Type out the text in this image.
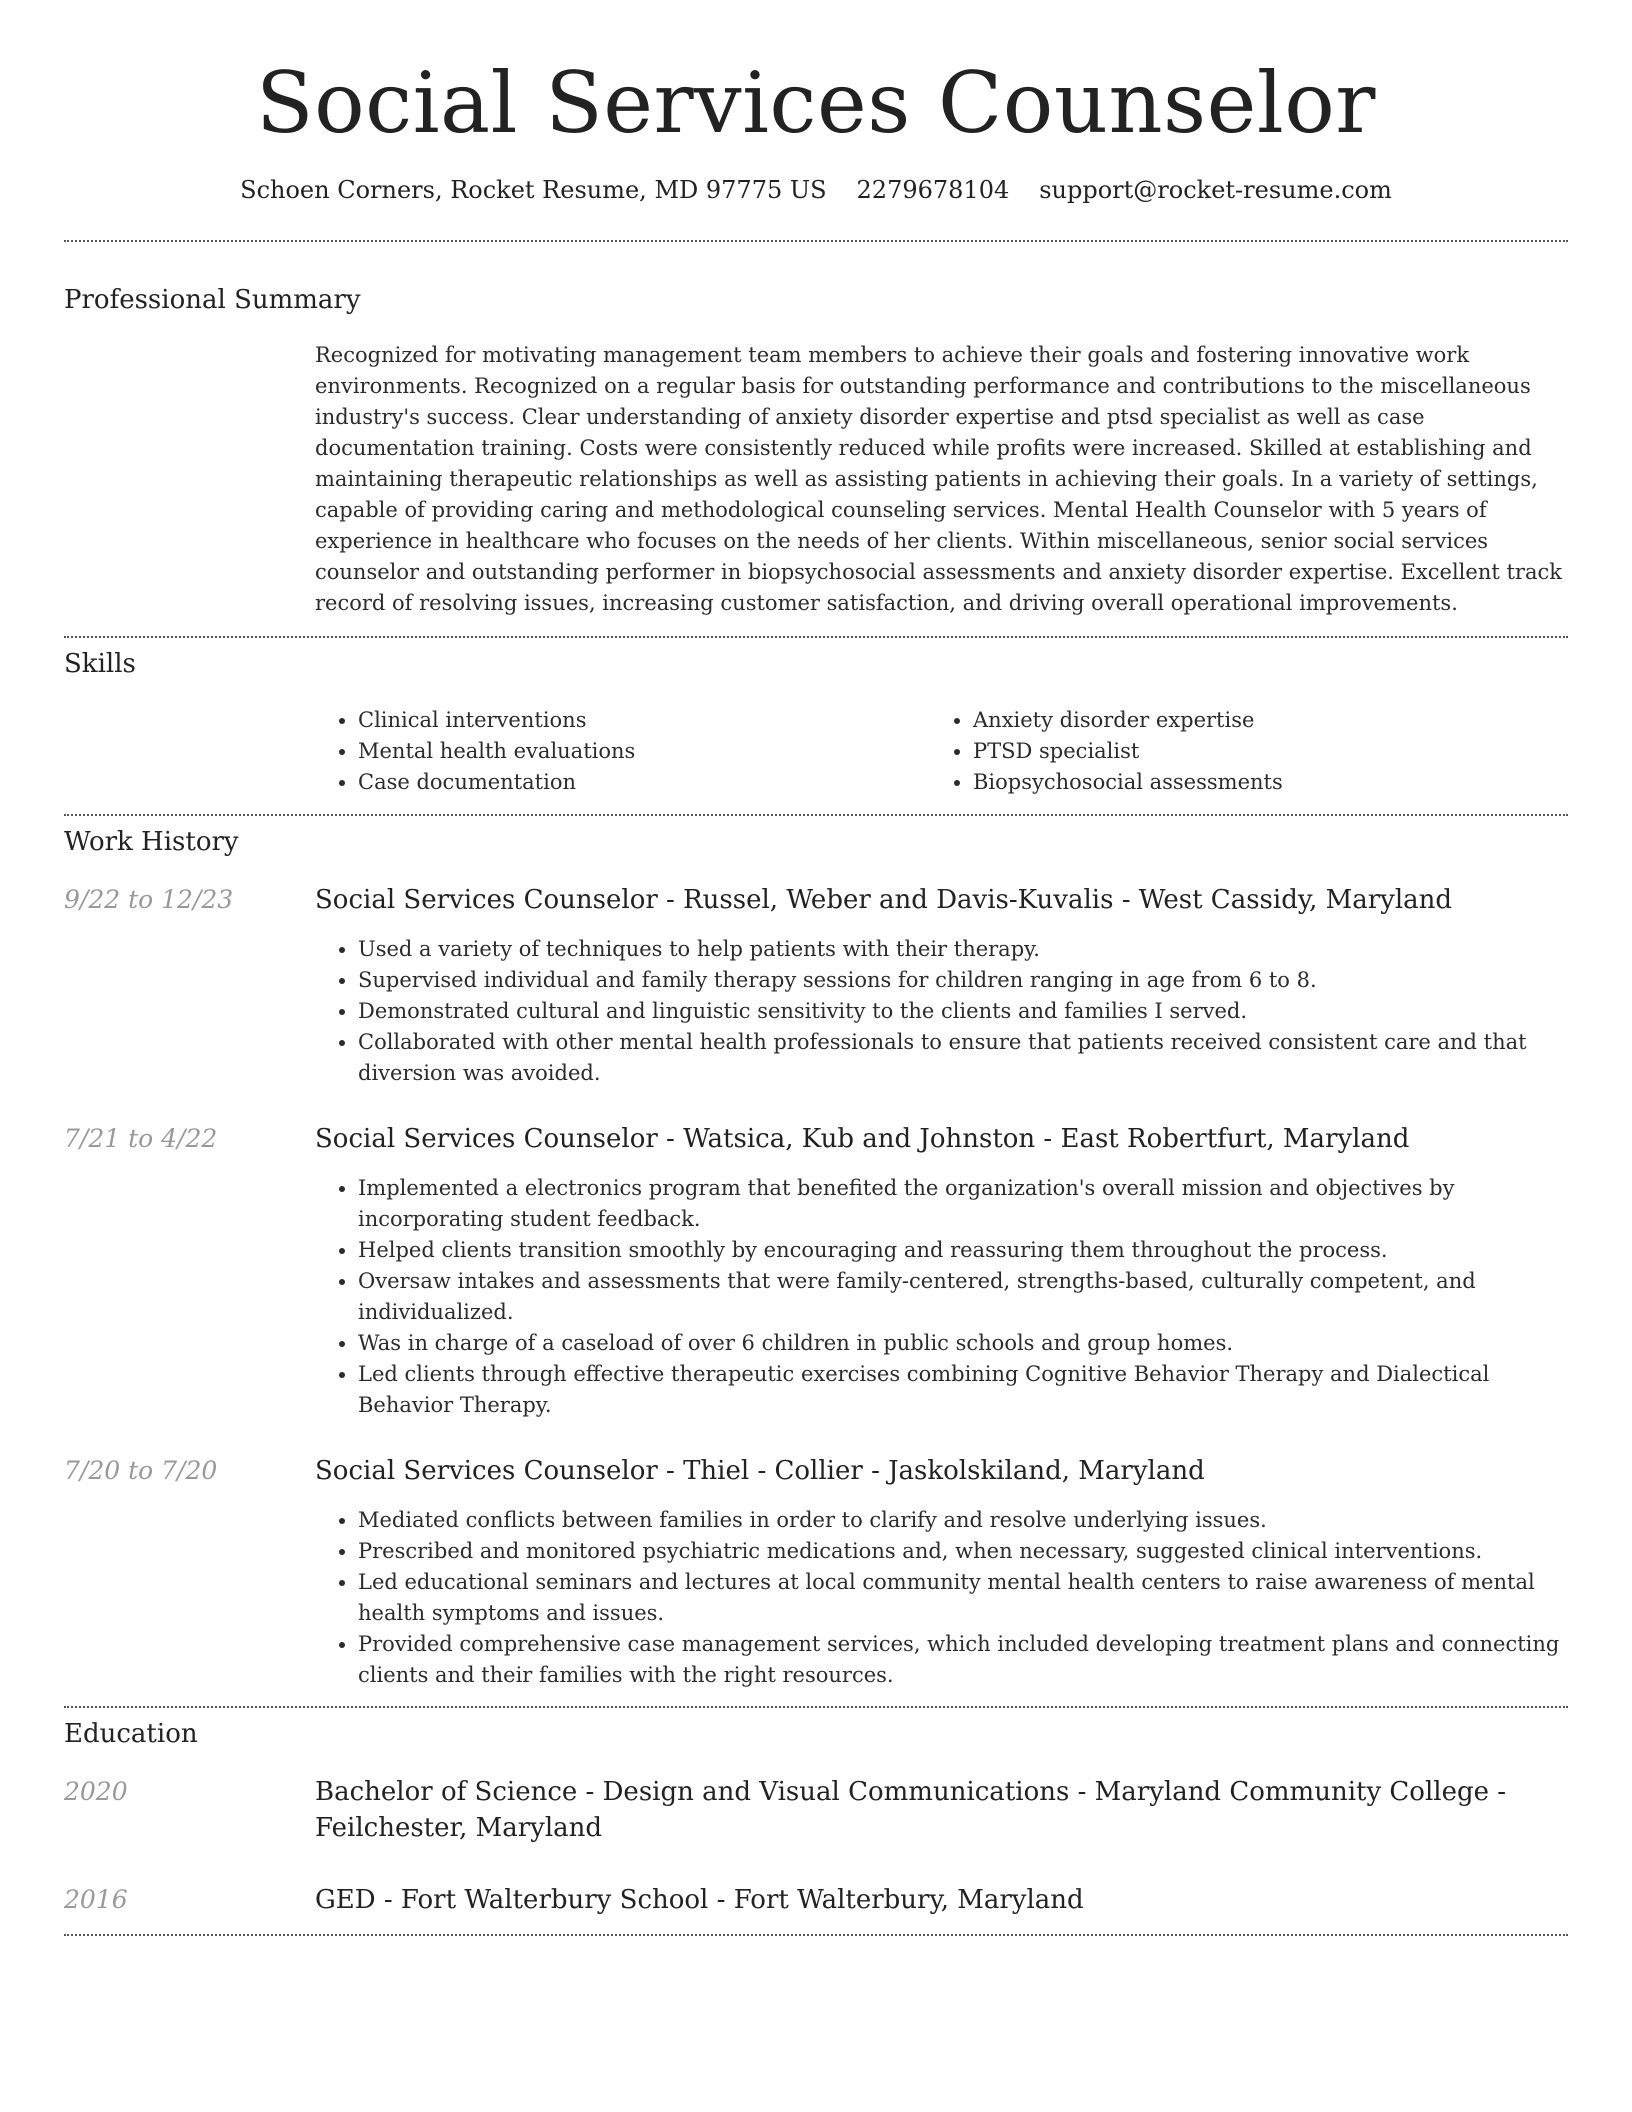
Social Services Counselor
Schoen Corners, Rocket Resume, MD 97775 US 2279678104 support@rocket-resume.com
Professional Summary
Recognized for motivating management team members to achieve their goals and fostering innovative work environments. Recognized on a regular basis for outstanding performance and contributions to the miscellaneous industry's success. Clear understanding of anxiety disorder expertise and ptsd specialist as well as case documentation training. Costs were consistently reduced while profits were increased. Skilled at establishing and maintaining therapeutic relationships as well as assisting patients in achieving their goals. In a variety of settings, capable of providing caring and methodological counseling services. Mental Health Counselor with 5 years of experience in healthcare who focuses on the needs of her clients. Within miscellaneous, senior social services counselor and outstanding performer in biopsychosocial assessments and anxiety disorder expertise. Excellent track record of resolving issues, increasing customer satisfaction, and driving overall operational improvements.
Skills
• Clinical interventions
• Mental health evaluations
• Case documentation
• Anxiety disorder expertise
• PTSD specialist
• Biopsychosocial assessments
Work History
9/22 to 12/23	Social Services Counselor - Russel, Weber and Davis-Kuvalis - West Cassidy, Maryland
• Used a variety of techniques to help patients with their therapy.
• Supervised individual and family therapy sessions for children ranging in age from 6 to 8.
• Demonstrated cultural and linguistic sensitivity to the clients and families I served.
• Collaborated with other mental health professionals to ensure that patients received consistent care and that diversion was avoided.
7/21 to 4/22	Social Services Counselor - Watsica, Kub and Johnston - East Robertfurt, Maryland
• Implemented a electronics program that benefited the organization's overall mission and objectives by incorporating student feedback.
• Helped clients transition smoothly by encouraging and reassuring them throughout the process.
• Oversaw intakes and assessments that were family-centered, strengths-based, culturally competent, and individualized.
• Was in charge of a caseload of over 6 children in public schools and group homes.
• Led clients through effective therapeutic exercises combining Cognitive Behavior Therapy and Dialectical Behavior Therapy.
7/20 to 7/20	Social Services Counselor - Thiel - Collier - Jaskolskiland, Maryland
• Mediated conflicts between families in order to clarify and resolve underlying issues.
• Prescribed and monitored psychiatric medications and, when necessary, suggested clinical interventions.
• Led educational seminars and lectures at local community mental health centers to raise awareness of mental health symptoms and issues.
• Provided comprehensive case management services, which included developing treatment plans and connecting clients and their families with the right resources.
Education
2020	Bachelor of Science - Design and Visual Communications - Maryland Community College - Feilchester, Maryland
2016	GED - Fort Walterbury School - Fort Walterbury, Maryland
